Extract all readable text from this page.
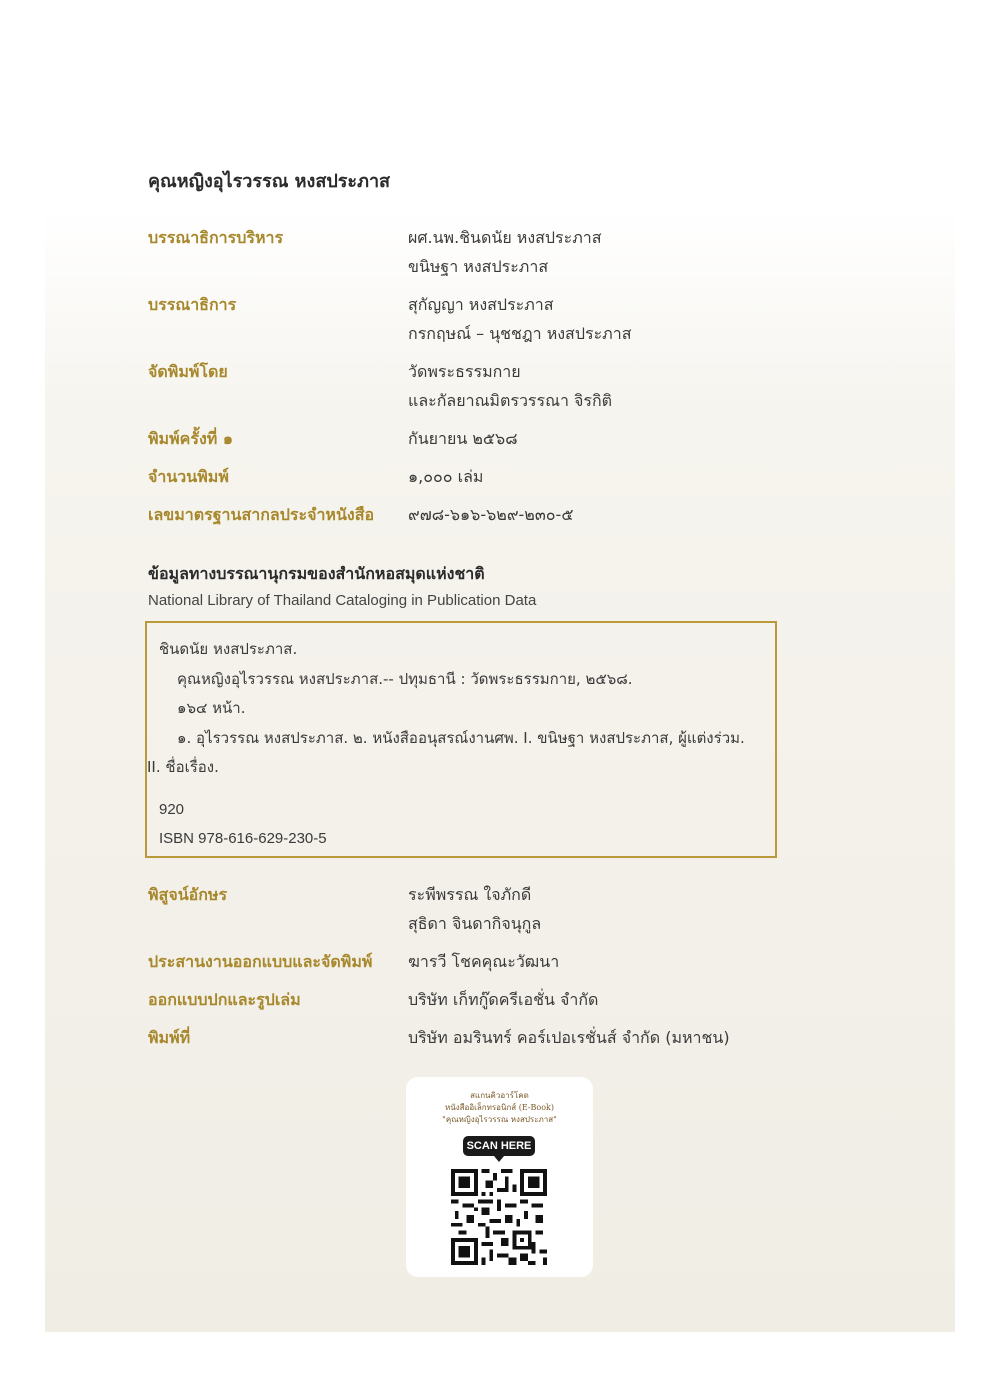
คุณหญิงอุไรวรรณ หงสประภาส
บรรณาธิการบริหาร	ผศ.นพ.ชินดนัย หงสประภาส
ขนิษฐา หงสประภาส
บรรณาธิการ	สุกัญญา หงสประภาส
กรกฤษณ์ – นุชชฎา หงสประภาส
จัดพิมพ์โดย	วัดพระธรรมกาย
และกัลยาณมิตรวรรณา จิรกิติ
พิมพ์ครั้งที่ ๑	กันยายน ๒๕๖๘
จำนวนพิมพ์	๑,๐๐๐ เล่ม
เลขมาตรฐานสากลประจำหนังสือ	๙๗๘-๖๑๖-๖๒๙-๒๓๐-๕
ข้อมูลทางบรรณานุกรมของสำนักหอสมุดแห่งชาติ
National Library of Thailand Cataloging in Publication Data
ชินดนัย หงสประภาส.
คุณหญิงอุไรวรรณ หงสประภาส.-- ปทุมธานี : วัดพระธรรมกาย, ๒๕๖๘.
๑๖๔ หน้า.
๑. อุไรวรรณ หงสประภาส. ๒. หนังสืออนุสรณ์งานศพ. I. ขนิษฐา หงสประภาส, ผู้แต่งร่วม.
II. ชื่อเรื่อง.
920
ISBN 978-616-629-230-5
พิสูจน์อักษร	ระพีพรรณ ใจภักดี
สุธิดา จินดากิจนุกูล
ประสานงานออกแบบและจัดพิมพ์	ฆารวี โชคคุณะวัฒนา
ออกแบบปกและรูปเล่ม	บริษัท เก็ทกู๊ดครีเอชั่น จำกัด
พิมพ์ที่	บริษัท อมรินทร์ คอร์เปอเรชั่นส์ จำกัด (มหาชน)
สแกนคิวอาร์โคด
หนังสืออิเล็กทรอนิกส์ (E-Book)
"คุณหญิงอุไรวรรณ หงสประภาส"
SCAN HERE
